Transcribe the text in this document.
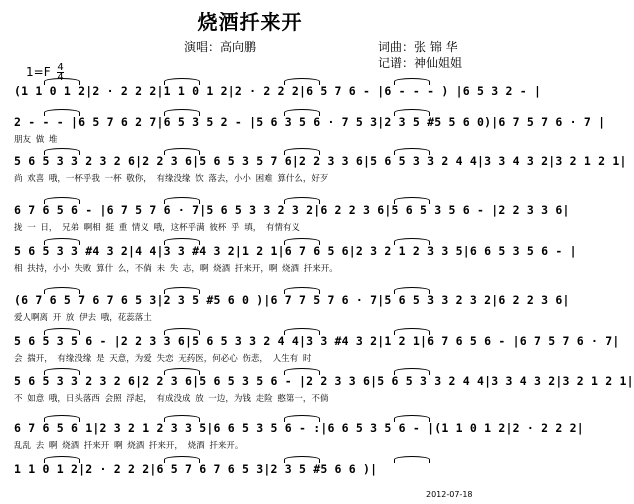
烧酒扦来开
演唱：高向鹏	词曲：张 锦 华
记谱：神仙姐姐
$1=F \frac{4}{4}$
(1 1 0 1 2|2 · 2 2 2|1 1 0 1 2|2 · 2 2 2|6 5 7 6 - |6 - - - ) |6 5 3 2 - |
2 - - - |6 5 7 6 2 7|6 5 3 5 2 - |5 6 3 5 6 · 7 5 3|2 3 5 #5 5 6 0)|6 7 5 7 6 · 7 |
朋友 做 堆
5 6 5 3 3 2 3 2 6|2 2 3 6|5 6 5 3 5 7 6|2 2 3 3 6|5 6 5 3 3 2 4 4|3 3 4 3 2|3 2 1 2 1|
尚 欢喜 哦，一杯乎我 一杯 敬你， 有缘没缘 饮 落去，小小 困难 算什么，好歹
6 7 6 5 6 - |6 7 5 7 6 · 7|5 6 5 3 3 2 3 2|6 2 2 3 6|5 6 5 3 5 6 - |2 2 3 3 6|
拢 一 日， 兄弟 啊相 挺 重 情义 哦，这杯乎满 彼杯 乎 填， 有情有义
5 6 5 3 3 #4 3 2|4 4|3 3 #4 3 2|1 2 1|6 7 6 5 6|2 3 2 1 2 3 3 5|6 6 5 3 5 6 - |
相 扶持，小小 失败 算什 么，不倘 未 失 志，啊 烧酒 扦来开，啊 烧酒 扦来开。
(6 7 6 5 7 6 7 6 5 3|2 3 5 #5 6 0 )|6 7 7 5 7 6 · 7|5 6 5 3 3 2 3 2|6 2 2 3 6|
爱人啊离 开 放 伊去 哦，花蕊落土
5 6 5 3 5 6 - |2 2 3 3 6|5 6 5 3 3 2 4 4|3 3 #4 3 2|1 2 1|6 7 6 5 6 - |6 7 5 7 6 · 7|
会 揣开， 有缘没缘 是 天意，为爱 失恋 无药医，何必心 伤悲， 人生有 时
5 6 5 3 3 2 3 2 6|2 2 3 6|5 6 5 3 5 6 - |2 2 3 3 6|5 6 5 3 3 2 4 4|3 3 4 3 2|3 2 1 2 1|
不 如意 哦，日头落西 会照 浮起， 有成没成 放 一边，为钱 走险 憨第一，不倘
6 7 6 5 6 1|2 3 2 1 2 3 3 5|6 6 5 3 5 6 - :|6 6 5 3 5 6 - |(1 1 0 1 2|2 · 2 2 2|
乱乱 去 啊 烧酒 扦来开 啊 烧酒 扦来开， 烧酒 扦来开。
1 1 0 1 2|2 · 2 2 2|6 5 7 6 7 6 5 3|2 3 5 #5 6 6 )|
2012-07-18
